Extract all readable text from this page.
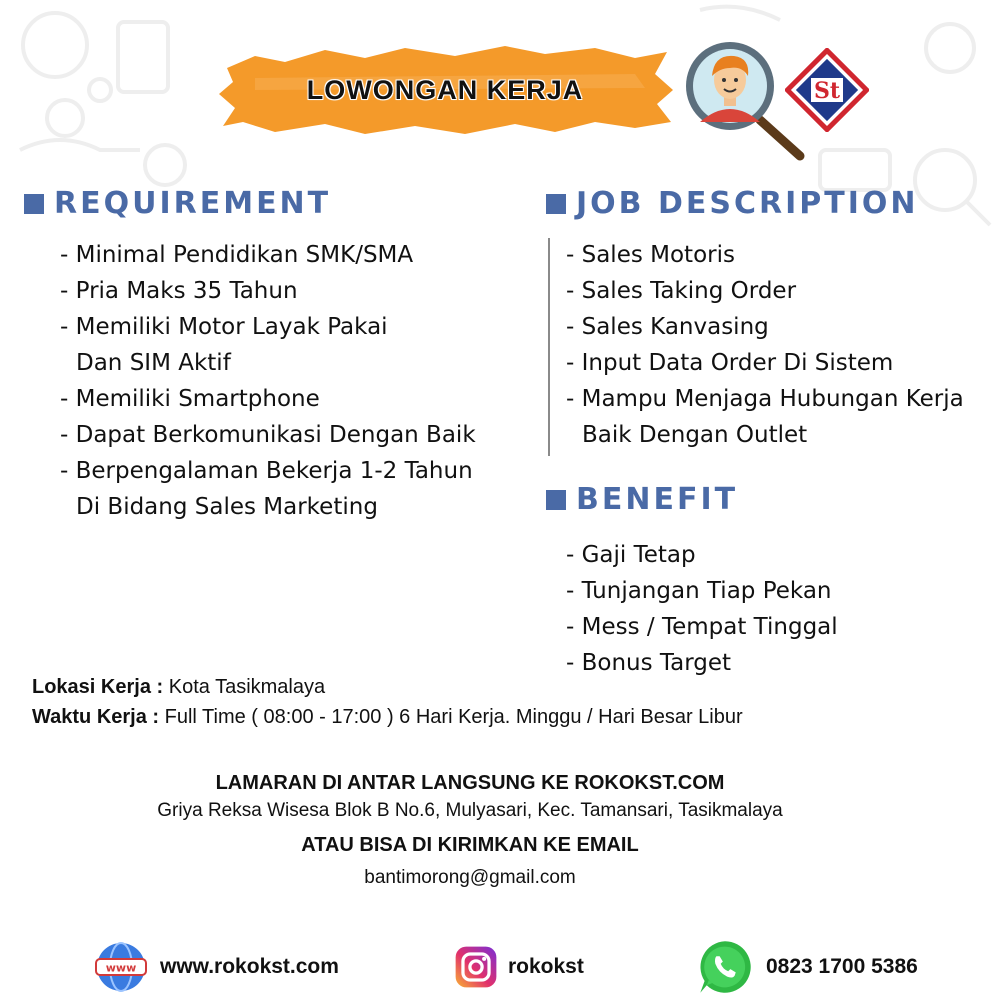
LOWONGAN KERJA	St
REQUIREMENT
- Minimal Pendidikan SMK/SMA
- Pria Maks 35 Tahun
- Memiliki Motor Layak Pakai
Dan SIM Aktif
- Memiliki Smartphone
- Dapat Berkomunikasi Dengan Baik
- Berpengalaman Bekerja 1-2 Tahun
Di Bidang Sales Marketing
JOB DESCRIPTION
- Sales Motoris
- Sales Taking Order
- Sales Kanvasing
- Input Data Order Di Sistem
- Mampu Menjaga Hubungan Kerja
Baik Dengan Outlet
BENEFIT
- Gaji Tetap
- Tunjangan Tiap Pekan
- Mess / Tempat Tinggal
- Bonus Target
Lokasi Kerja : Kota Tasikmalaya
Waktu Kerja : Full Time ( 08:00 - 17:00 ) 6 Hari Kerja. Minggu / Hari Besar Libur
LAMARAN DI ANTAR LANGSUNG KE ROKOKST.COM
Griya Reksa Wisesa Blok B No.6, Mulyasari, Kec. Tamansari, Tasikmalaya
ATAU BISA DI KIRIMKAN KE EMAIL
bantimorong@gmail.com
www www.rokokst.com	rokokst	0823 1700 5386
